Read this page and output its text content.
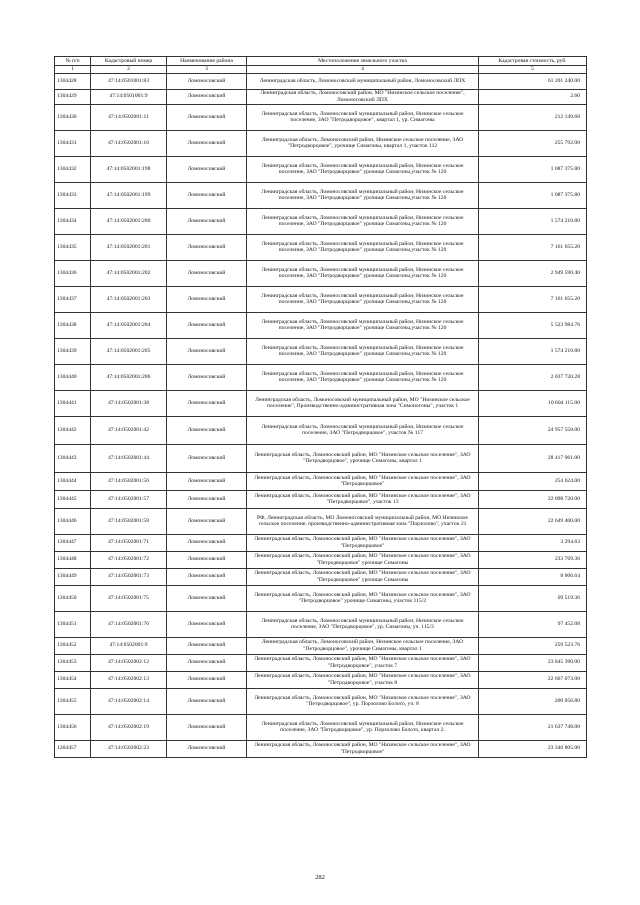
№ п/п	Кадастровый номер	Наименование района	Местоположение земельного участка	Кадастровая стоимость, руб.
1	2	3	4	5
1304428	47:14:0501001:83	Ломоносовский	Ленинградская область, Ломоносовский муниципальный район, Ломоносовский ЛПХ	61 201 240.00
1304429	47:14:0501001:9	Ломоносовский	Ленинградская область, Ломоносовский район, МО "Низинское сельское поселение", Ломоносовский ЛПХ	2.60
1304430	47:14:0502001:11	Ломоносовский	Ленинградская область, Ломоносовский муниципальный район, Низинское сельское поселение, ЗАО "Петродворцовое", квартал 1, ур. Симагоны	212 149.68
1304431	47:14:0502001:16	Ломоносовский	Ленинградская область, Ломоносовский район, Низинское сельское поселение, ЗАО "Петродворцовое", урочище Симагоны, квартал 1, участок 112	255 792.00
1304432	47:14:0502001:198	Ломоносовский	Ленинградская область, Ломоносовский муниципальный район, Низинское сельское поселение, ЗАО "Петродворцовое" урочище Симагоны,участок № 120	1 087 375.80
1304433	47:14:0502001:199	Ломоносовский	Ленинградская область, Ломоносовский муниципальный район, Низинское сельское поселение, ЗАО "Петродворцовое" урочище Симагоны,участок № 120	1 087 375.80
1304434	47:14:0502001:200	Ломоносовский	Ленинградская область, Ломоносовский муниципальный район, Низинское сельское поселение, ЗАО "Петродворцовое" урочище Симагоны,участок № 120	1 574 210.80
1304435	47:14:0502001:201	Ломоносовский	Ленинградская область, Ломоносовский муниципальный район, Низинское сельское поселение, ЗАО "Петродворцовое" урочище Симагоны,участок № 120	7 161 655.20
1304436	47:14:0502001:202	Ломоносовский	Ленинградская область, Ломоносовский муниципальный район, Низинское сельское поселение, ЗАО "Петродворцовое" урочище Симагоны,участок № 120	2 949 590.40
1304437	47:14:0502001:203	Ломоносовский	Ленинградская область, Ломоносовский муниципальный район, Низинское сельское поселение, ЗАО "Петродворцовое" урочище Симагоны,участок № 120	7 161 655.20
1304438	47:14:0502001:204	Ломоносовский	Ленинградская область, Ломоносовский муниципальный район, Низинское сельское поселение, ЗАО "Петродворцовое" урочище Симагоны,участок № 120	5 523 984.76
1304439	47:14:0502001:205	Ломоносовский	Ленинградская область, Ломоносовский муниципальный район, Низинское сельское поселение, ЗАО "Петродворцовое" урочище Симагоны,участок № 120	1 574 210.80
1304440	47:14:0502001:206	Ломоносовский	Ленинградская область, Ломоносовский муниципальный район, Низинское сельское поселение, ЗАО "Петродворцовое" урочище Симагоны,участок № 120	2 037 720.28
1304441	47:14:0502001:38	Ломоносовский	Ленинградская область, Ломоносовский муниципальный район, МО "Низинское сельское поселение", Производственно-административная зона "Симоногоны", участок 1	10 604 115.00
1304442	47:14:0502001:42	Ломоносовский	Ленинградская область, Ломоносовский муниципальный район, Низинское сельское поселение, ЗАО "Петродворцовое", участок № 117	24 957 558.00
1304443	47:14:0502001:44	Ломоносовский	Ленинградская область, Ломоносовский район, МО "Низинское сельское поселение", ЗАО "Петродворцовое", урочище Симагоны, квартал 1	28 417 961.00
1304444	47:14:0502001:56	Ломоносовский	Ленинградская область, Ломоносовский район, МО "Низинское сельское поселение", ЗАО "Петродворцовое"	254 624.00
1304445	47:14:0502001:57	Ломоносовский	Ленинградская область, Ломоносовский район, МО "Низинское сельское поселение", ЗАО "Петродворцовое", участок 13	22 098 720.00
1304446	47:14:0502001:58	Ломоносовский	РФ, Ленинградская область, МО Ломоносовский муниципальный район, МО Низинское сельское поселение, производственно-административная зона "Порзолово", участок 21	22 649 400.00
1304447	47:14:0502001:71	Ломоносовский	Ленинградская область, Ломоносовский район, МО "Низинское сельское поселение", ЗАО "Петродворцовое"	3 294.63
1304448	47:14:0502001:72	Ломоносовский	Ленинградская область, Ломоносовский район, МО "Низинское сельское поселение", ЗАО "Петродворцовое" урочище Симагоны	233 769.36
1304449	47:14:0502001:73	Ломоносовский	Ленинградская область, Ломоносовский район, МО "Низинское сельское поселение", ЗАО "Петродворцовое" урочище Симагоны	8 006.64
1304450	47:14:0502001:75	Ломоносовский	Ленинградская область, Ломоносовский район, МО "Низинское сельское поселение", ЗАО "Петродворцовое" урочище Симагоны, участок 115/2	69 519.36
1304451	47:14:0502001:76	Ломоносовский	Ленинградская область, Ломоносовский муниципальный район, Низинское сельское поселение, ЗАО "Петродворцовое", ур. Симагоны, уч. 115/3	97 452.08
1304452	47:14:0502001:9	Ломоносовский	Ленинградская область, Ломоносовский район, Низинское сельское поселение, ЗАО "Петродворцовое", урочище Симагоны, квартал 1	259 523.76
1304453	47:14:0502002:12	Ломоносовский	Ленинградская область, Ломоносовский район, МО "Низинское сельское поселение", ЗАО "Петродворцовое", участок 7	23 845 390.00
1304454	47:14:0502002:13	Ломоносовский	Ленинградская область, Ломоносовский район, МО "Низинское сельское поселение", ЗАО "Петродворцовое", участок 8	22 667 073.00
1304455	47:14:0502002:14	Ломоносовский	Ленинградская область, Ломоносовский район, МО "Низинское сельское поселение", ЗАО "Петродворцовое", ур. Порзолово Болото, уч. 8	200 056.80
1304456	47:14:0502002:19	Ломоносовский	Ленинградская область, Ломоносовский муниципальный район, Низинское сельское поселение, ЗАО "Петродворцовое", ур. Порзолово Болото, квартал 2.	21 637 748.00
1304457	47:14:0502002:23	Ломоносовский	Ленинградская область, Ломоносовский район, МО "Низинское сельское поселение", ЗАО "Петродворцовое"	23 340 805.00
282
